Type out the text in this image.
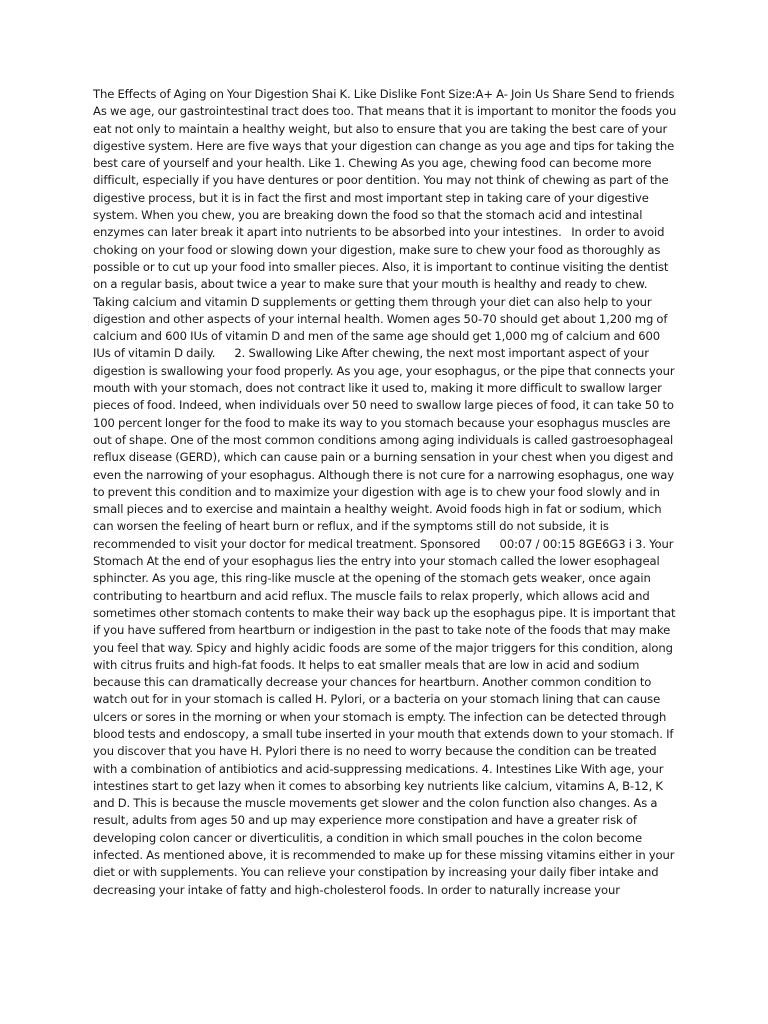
The Effects of Aging on Your Digestion Shai K. Like Dislike Font Size:A+ A- Join Us Share Send to friends   As we age, our gastrointestinal tract does too. That means that it is important to monitor the foods you eat not only to maintain a healthy weight, but also to ensure that you are taking the best care of your digestive system. Here are five ways that your digestion can change as you age and tips for taking the best care of yourself and your health. Like 1. Chewing As you age, chewing food can become more difficult, especially if you have dentures or poor dentition. You may not think of chewing as part of the digestive process, but it is in fact the first and most important step in taking care of your digestive system. When you chew, you are breaking down the food so that the stomach acid and intestinal enzymes can later break it apart into nutrients to be absorbed into your intestines.   In order to avoid choking on your food or slowing down your digestion, make sure to chew your food as thoroughly as possible or to cut up your food into smaller pieces. Also, it is important to continue visiting the dentist on a regular basis, about twice a year to make sure that your mouth is healthy and ready to chew. Taking calcium and vitamin D supplements or getting them through your diet can also help to your digestion and other aspects of your internal health. Women ages 50-70 should get about 1,200 mg of calcium and 600 IUs of vitamin D and men of the same age should get 1,000 mg of calcium and 600 IUs of vitamin D daily.      2. Swallowing Like After chewing, the next most important aspect of your digestion is swallowing your food properly. As you age, your esophagus, or the pipe that connects your mouth with your stomach, does not contract like it used to, making it more difficult to swallow larger pieces of food. Indeed, when individuals over 50 need to swallow large pieces of food, it can take 50 to 100 percent longer for the food to make its way to you stomach because your esophagus muscles are out of shape. One of the most common conditions among aging individuals is called gastroesophageal reflux disease (GERD), which can cause pain or a burning sensation in your chest when you digest and even the narrowing of your esophagus. Although there is not cure for a narrowing esophagus, one way to prevent this condition and to maximize your digestion with age is to chew your food slowly and in small pieces and to exercise and maintain a healthy weight. Avoid foods high in fat or sodium, which can worsen the feeling of heart burn or reflux, and if the symptoms still do not subside, it is recommended to visit your doctor for medical treatment. Sponsored      00:07 / 00:15 8GE6G3 i 3. Your Stomach At the end of your esophagus lies the entry into your stomach called the lower esophageal sphincter. As you age, this ring-like muscle at the opening of the stomach gets weaker, once again contributing to heartburn and acid reflux. The muscle fails to relax properly, which allows acid and sometimes other stomach contents to make their way back up the esophagus pipe. It is important that if you have suffered from heartburn or indigestion in the past to take note of the foods that may make you feel that way. Spicy and highly acidic foods are some of the major triggers for this condition, along with citrus fruits and high-fat foods. It helps to eat smaller meals that are low in acid and sodium because this can dramatically decrease your chances for heartburn. Another common condition to watch out for in your stomach is called H. Pylori, or a bacteria on your stomach lining that can cause ulcers or sores in the morning or when your stomach is empty. The infection can be detected through blood tests and endoscopy, a small tube inserted in your mouth that extends down to your stomach. If you discover that you have H. Pylori there is no need to worry because the condition can be treated with a combination of antibiotics and acid-suppressing medications. 4. Intestines Like With age, your intestines start to get lazy when it comes to absorbing key nutrients like calcium, vitamins A, B-12, K and D. This is because the muscle movements get slower and the colon function also changes. As a result, adults from ages 50 and up may experience more constipation and have a greater risk of developing colon cancer or diverticulitis, a condition in which small pouches in the colon become infected. As mentioned above, it is recommended to make up for these missing vitamins either in your diet or with supplements. You can relieve your constipation by increasing your daily fiber intake and decreasing your intake of fatty and high-cholesterol foods. In order to naturally increase your
